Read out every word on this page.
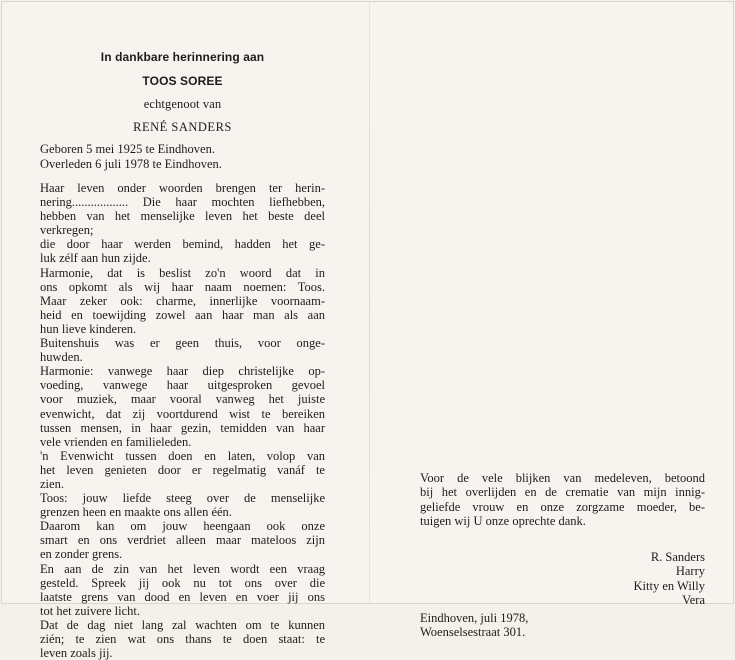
In dankbare herinnering aan
TOOS SOREE
echtgenoot van
RENÉ SANDERS
Geboren 5 mei 1925 te Eindhoven.
Overleden 6 juli 1978 te Eindhoven.

Haar leven onder woorden brengen ter herin-

nering.................. Die haar mochten liefhebben,

hebben van het menselijke leven het beste deel

verkregen;

die door haar werden bemind, hadden het ge-

luk zélf aan hun zijde.

Harmonie, dat is beslist zo'n woord dat in

ons opkomt als wij haar naam noemen: Toos.

Maar zeker ook: charme, innerlijke voornaam-

heid en toewijding zowel aan haar man als aan

hun lieve kinderen.

Buitenshuis was er geen thuis, voor onge-

huwden.

Harmonie: vanwege haar diep christelijke op-

voeding, vanwege haar uitgesproken gevoel

voor muziek, maar vooral vanweg het juiste

evenwicht, dat zij voortdurend wist te bereiken

tussen mensen, in haar gezin, temidden van haar

vele vrienden en familieleden.

'n Evenwicht tussen doen en laten, volop van

het leven genieten door er regelmatig vanáf te

zien.

Toos: jouw liefde steeg over de menselijke

grenzen heen en maakte ons allen één.

Daarom kan om jouw heengaan ook onze

smart en ons verdriet alleen maar mateloos zijn

en zonder grens.

En aan de zin van het leven wordt een vraag

gesteld. Spreek jij ook nu tot ons over die

laatste grens van dood en leven en voer jij ons

tot het zuivere licht.

Dat de dag niet lang zal wachten om te kunnen

zién; te zien wat ons thans te doen staat: te

leven zoals jij.

Voor de vele blijken van medeleven, betoond

bij het overlijden en de crematie van mijn innig-

geliefde vrouw en onze zorgzame moeder, be-

tuigen wij U onze oprechte dank.

R. Sanders
Harry
Kitty en Willy
Vera
Eindhoven, juli 1978,
Woenselsestraat 301.
